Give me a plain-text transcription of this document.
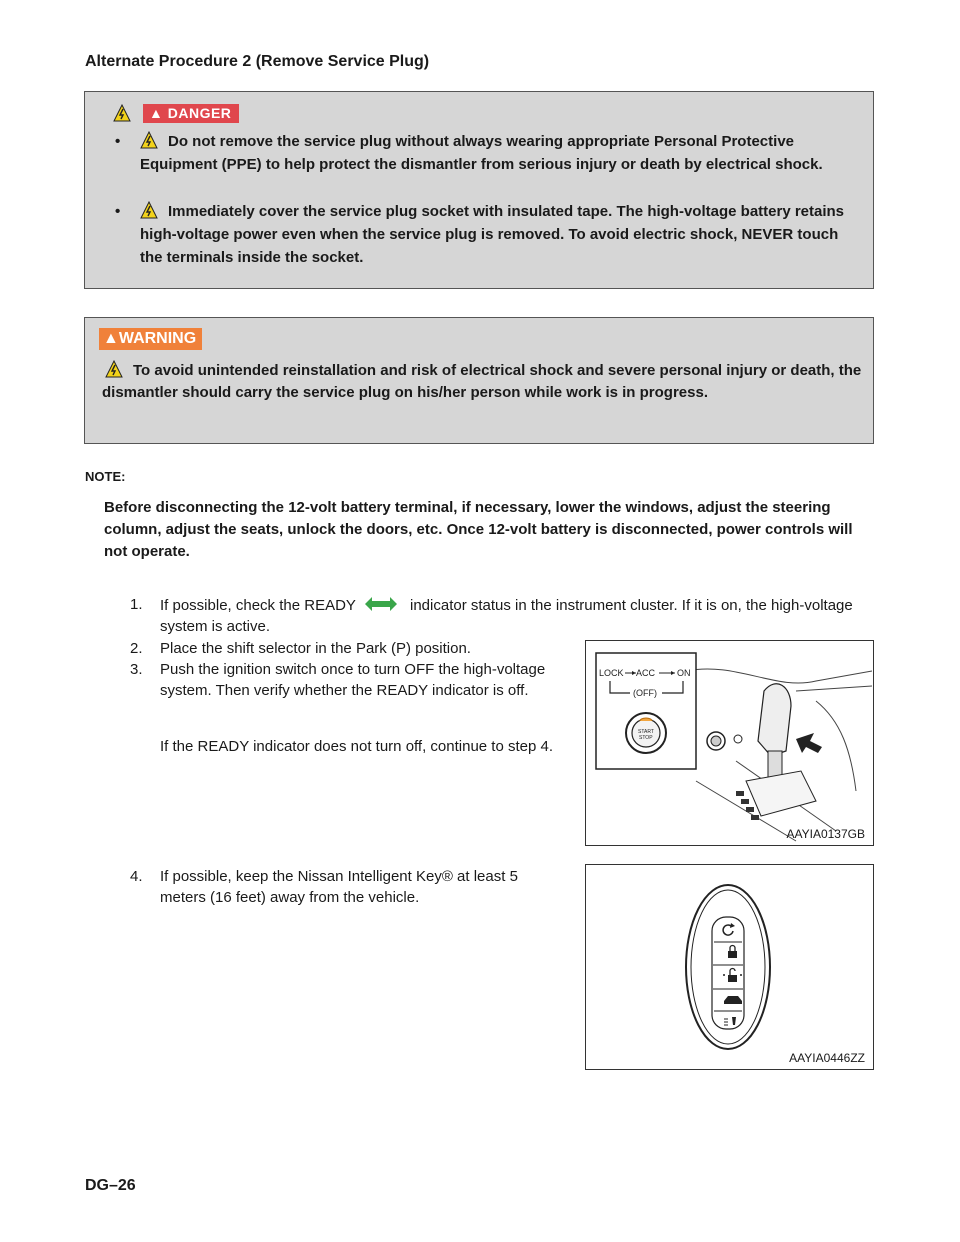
Alternate Procedure 2 (Remove Service Plug)
▲ DANGER
•	Do not remove the service plug without always wearing appropriate Personal Protective Equipment (PPE) to help protect the dismantler from serious injury or death by electrical shock.
•	Immediately cover the service plug socket with insulated tape. The high-voltage battery retains high-voltage power even when the service plug is removed. To avoid electric shock, NEVER touch the terminals inside the socket.
▲WARNING
To avoid unintended reinstallation and risk of electrical shock and severe personal injury or death, the dismantler should carry the service plug on his/her person while work is in progress.
NOTE:
Before disconnecting the 12-volt battery terminal, if necessary, lower the windows, adjust the steering column, adjust the seats, unlock the doors, etc. Once 12-volt battery is disconnected, power controls will not operate.
1.	If possible, check the READY	indicator status in the instrument cluster. If it is on, the high-voltage system is active.
2.	Place the shift selector in the Park (P) position.
3.	Push the ignition switch once to turn OFF the high-voltage system. Then verify whether the READY indicator is off.
If the READY indicator does not turn off, continue to step 4.
4.	If possible, keep the Nissan Intelligent Key® at least 5 meters (16 feet) away from the vehicle.
LOCK ACC ON
(OFF)
START
STOP
AAYIA0137GB
AAYIA0446ZZ
DG–26
